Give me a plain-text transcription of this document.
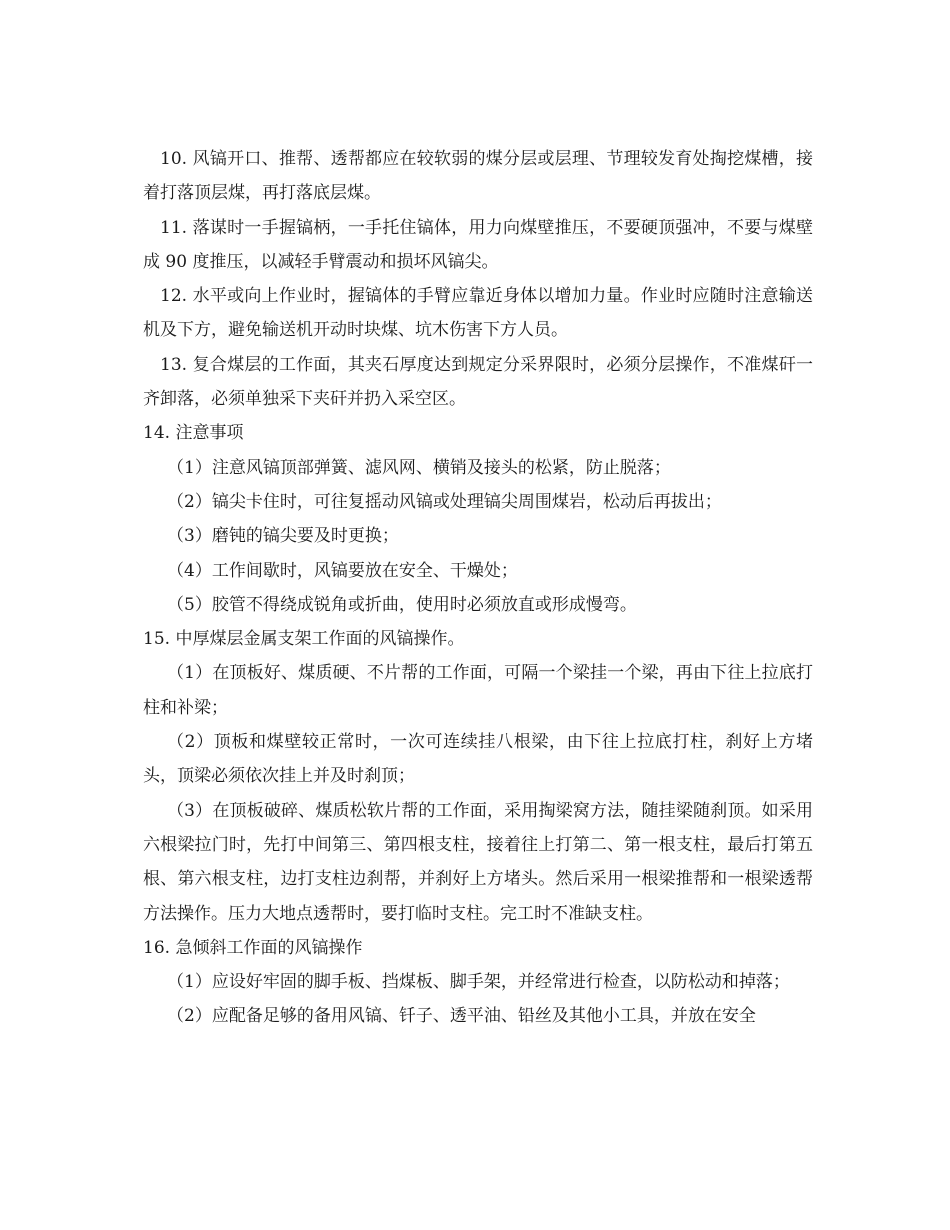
10. 风镐开口、推帮、透帮都应在较软弱的煤分层或层理、节理较发育处掏挖煤槽，接着打落顶层煤，再打落底层煤。

11. 落谋时一手握镐柄，一手托住镐体，用力向煤壁推压，不要硬顶强冲，不要与煤壁成 90 度推压，以减轻手臂震动和损坏风镐尖。

12. 水平或向上作业时，握镐体的手臂应靠近身体以增加力量。作业时应随时注意输送机及下方，避免输送机开动时块煤、坑木伤害下方人员。

13. 复合煤层的工作面，其夹石厚度达到规定分采界限时，必须分层操作，不准煤矸一齐卸落，必须单独采下夹矸并扔入采空区。

14. 注意事项

（1）注意风镐顶部弹簧、滤风网、横销及接头的松紧，防止脱落；

（2）镐尖卡住时，可往复摇动风镐或处理镐尖周围煤岩，松动后再拔出；

（3）磨钝的镐尖要及时更换；

（4）工作间歇时，风镐要放在安全、干燥处；

（5）胶管不得绕成锐角或折曲，使用时必须放直或形成慢弯。

15. 中厚煤层金属支架工作面的风镐操作。

（1）在顶板好、煤质硬、不片帮的工作面，可隔一个梁挂一个梁，再由下往上拉底打柱和补梁；

（2）顶板和煤壁较正常时，一次可连续挂八根梁，由下往上拉底打柱，刹好上方堵头，顶梁必须依次挂上并及时刹顶；

（3）在顶板破碎、煤质松软片帮的工作面，采用掏梁窝方法，随挂梁随刹顶。如采用六根梁拉门时，先打中间第三、第四根支柱，接着往上打第二、第一根支柱，最后打第五根、第六根支柱，边打支柱边刹帮，并刹好上方堵头。然后采用一根梁推帮和一根梁透帮方法操作。压力大地点透帮时，要打临时支柱。完工时不准缺支柱。

16. 急倾斜工作面的风镐操作

（1）应设好牢固的脚手板、挡煤板、脚手架，并经常进行检查，以防松动和掉落；

（2）应配备足够的备用风镐、钎子、透平油、铅丝及其他小工具，并放在安全
